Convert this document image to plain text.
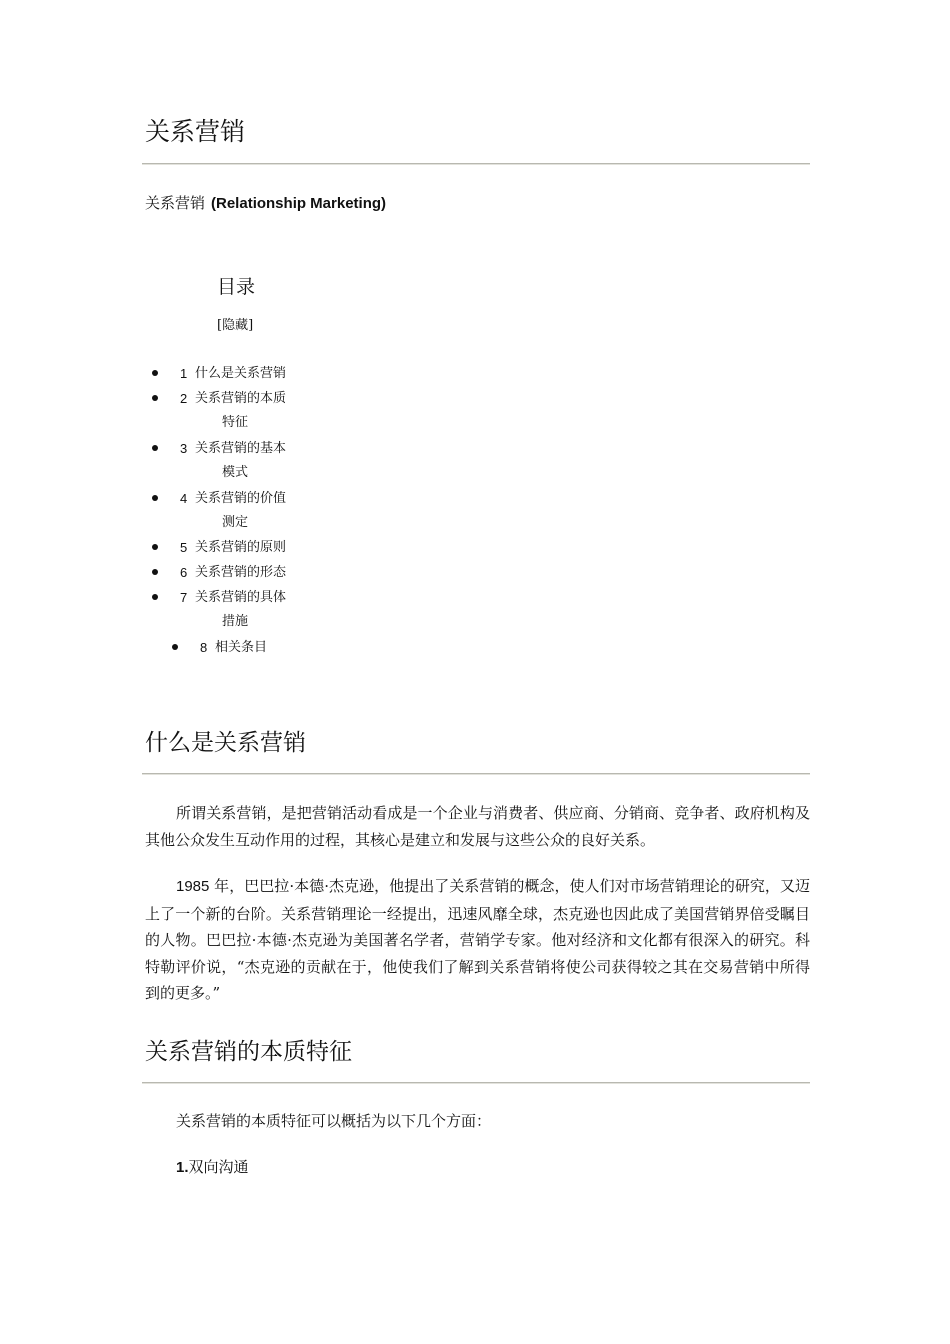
关系营销
关系营销 (Relationship Marketing)
目录
[隐藏]
1 什么是关系营销
2 关系营销的本质
特征
3 关系营销的基本
模式
4 关系营销的价值
测定
5 关系营销的原则
6 关系营销的形态
7 关系营销的具体
措施
8 相关条目
什么是关系营销

所谓关系营销，是把营销活动看成是一个企业与消费者、供应商、分销商、竞争者、政府机构及其他公众发生互动作用的过程，其核心是建立和发展与这些公众的良好关系。

1985 年，巴巴拉·本德·杰克逊，他提出了关系营销的概念，使人们对市场营销理论的研究，又迈上了一个新的台阶。关系营销理论一经提出，迅速风靡全球，杰克逊也因此成了美国营销界倍受瞩目的人物。巴巴拉·本德·杰克逊为美国著名学者，营销学专家。他对经济和文化都有很深入的研究。科特勒评价说，“杰克逊的贡献在于，他使我们了解到关系营销将使公司获得较之其在交易营销中所得到的更多。”

关系营销的本质特征

关系营销的本质特征可以概括为以下几个方面：

1.双向沟通
